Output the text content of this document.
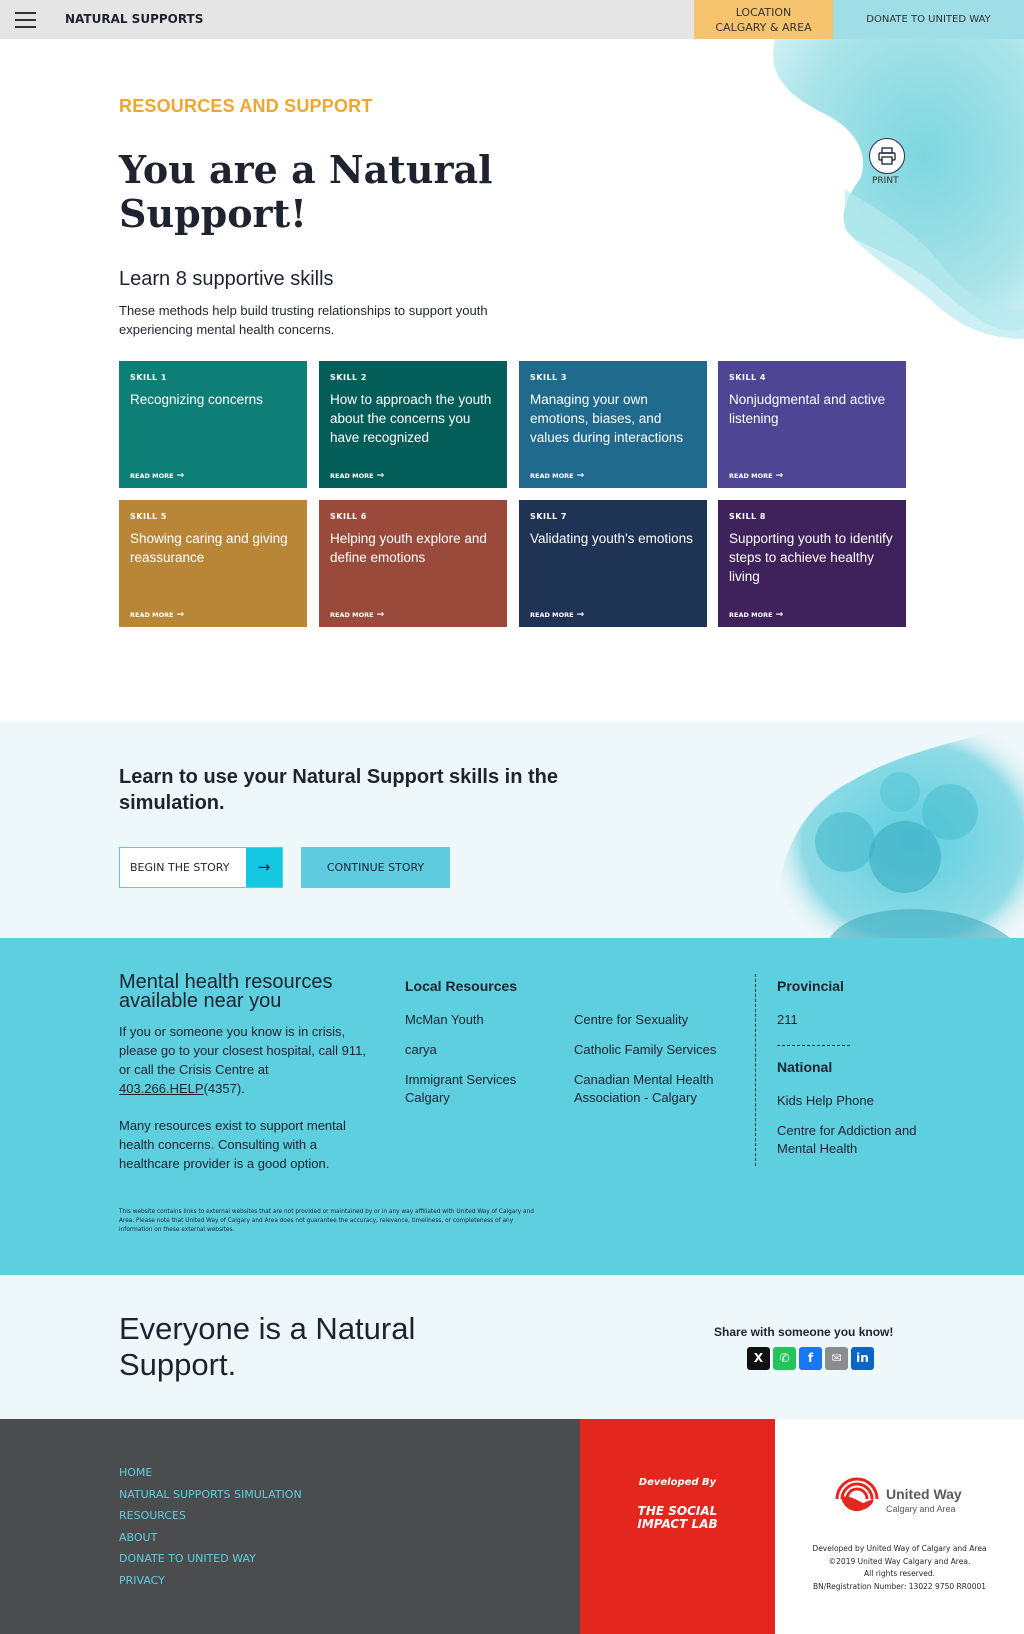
NATURAL SUPPORTS	LOCATION
CALGARY & AREA
DONATE TO UNITED WAY
RESOURCES AND SUPPORT
You are a Natural Support!
PRINT
Learn 8 supportive skills

These methods help build trusting relationships to support youth experiencing mental health concerns.

SKILL 1
Recognizing concerns
READ MORE →
SKILL 2
How to approach the youth about the concerns you have recognized
READ MORE →
SKILL 3
Managing your own emotions, biases, and values during interactions
READ MORE →
SKILL 4
Nonjudgmental and active listening
READ MORE →
SKILL 5
Showing caring and giving reassurance
READ MORE →
SKILL 6
Helping youth explore and define emotions
READ MORE →
SKILL 7
Validating youth's emotions
READ MORE →
SKILL 8
Supporting youth to identify steps to achieve healthy living
READ MORE →
Learn to use your Natural Support skills in the simulation.
BEGIN THE STORY	→	CONTINUE STORY
Mental health resources available near you

If you or someone you know is in crisis, please go to your closest hospital, call 911, or call the Crisis Centre at 403.266.HELP(4357).

Many resources exist to support mental health concerns. Consulting with a healthcare provider is a good option.

This website contains links to external websites that are not provided or maintained by or in any way affiliated with United Way of Calgary and Area. Please note that United Way of Calgary and Area does not guarantee the accuracy, relevance, timeliness, or completeness of any information on these external websites.

Local Resources
McMan Youth
carya
Immigrant Services Calgary
Centre for Sexuality
Catholic Family Services
Canadian Mental Health Association - Calgary
Provincial
211
National
Kids Help Phone
Centre for Addiction and Mental Health
Everyone is a Natural Support.
Share with someone you know!
X	✆	f	✉	in
HOME
NATURAL SUPPORTS SIMULATION
RESOURCES
ABOUT
DONATE TO UNITED WAY
PRIVACY
Developed By
THE SOCIAL
IMPACT LAB
United Way
Calgary and Area
Developed by United Way of Calgary and Area
©2019 United Way Calgary and Area.
All rights reserved.
BN/Registration Number: 13022 9750 RR0001
